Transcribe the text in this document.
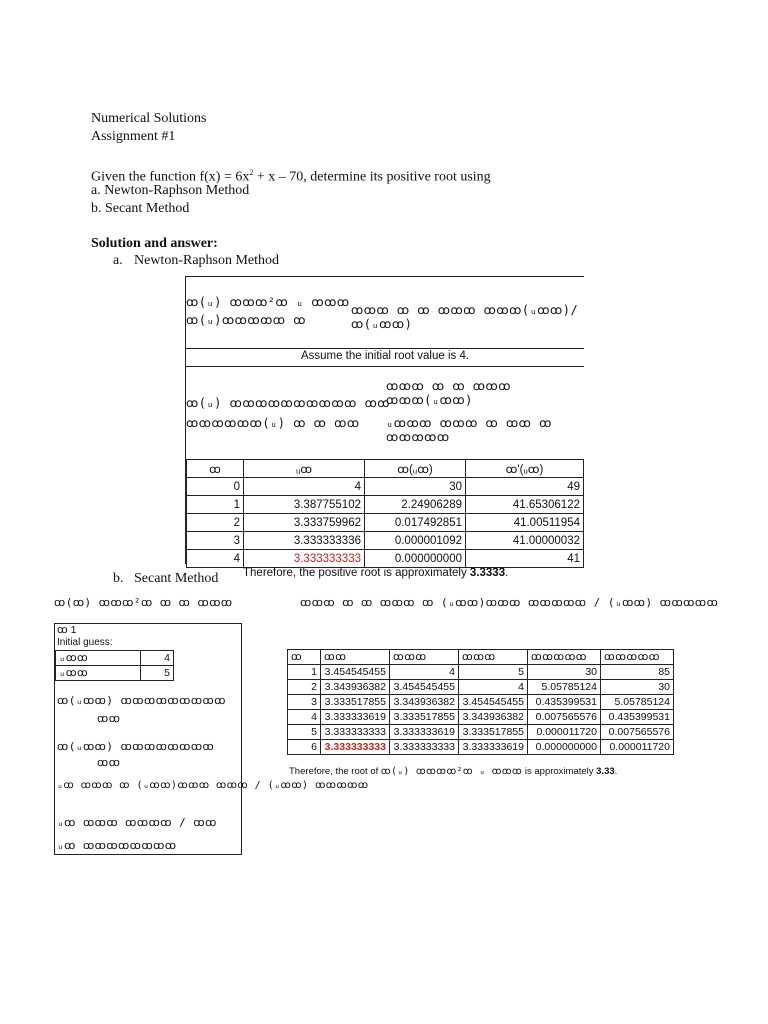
Numerical Solutions
Assignment #1
Given the function $f(x) = 6x^2 + x - 70$, determine its positive root using
a. Newton-Raphson Method
b. Secant Method
Solution and answer:
a. Newton-Raphson Method
ꝏ(ᵤ) ꝏꝏꝏ²ꝏ ᵤ ꝏꝏꝏ
ꝏ(ᵤ)ꝏꝏꝏꝏꝏ ꝏ
ꝏꝏꝏ ꝏ ꝏ ꝏꝏꝏ ꝏꝏꝏ(ᵤꝏꝏ)/ꝏ(ᵤꝏꝏ)
Assume the initial root value is 4.
ꝏ(ᵤ) ꝏꝏꝏꝏꝏꝏꝏꝏꝏꝏ ꝏꝏ
ꝏꝏꝏꝏꝏꝏ(ᵤ) ꝏ ꝏ ꝏꝏ
ꝏꝏꝏ ꝏ ꝏ ꝏꝏꝏ ꝏꝏꝏ(ᵤꝏꝏ)
ᵤꝏꝏꝏ ꝏꝏꝏ ꝏ ꝏꝏ ꝏ ꝏꝏꝏꝏꝏ
ꝏ	ᵤꝏ	ꝏ(ᵤꝏ)	ꝏ'(ᵤꝏ)
0	4	30	49
1	3.387755102	2.24906289	41.65306122
2	3.333759962	0.017492851	41.00511954
3	3.333333336	0.000001092	41.00000032
4	3.333333333	0.000000000	41
Therefore, the positive root is approximately 3.3333.
b. Secant Method
ꝏ(ꝏ) ꝏꝏꝏ²ꝏ ꝏ ꝏ ꝏꝏꝏ	ꝏꝏꝏ ꝏ ꝏ ꝏꝏꝏ ꝏ (ᵤꝏꝏ)ꝏꝏꝏ ꝏꝏꝏꝏꝏ / (ᵤꝏꝏ) ꝏꝏꝏꝏꝏ
ꝏ 1
Initial guess:
ᵤꝏꝏ	4
ᵤꝏꝏ	5
ꝏ(ᵤꝏꝏ) ꝏꝏꝏꝏꝏꝏꝏꝏꝏ
ꝏꝏ
ꝏ(ᵤꝏꝏ) ꝏꝏꝏꝏꝏꝏꝏꝏ
ꝏꝏ
ᵤꝏ ꝏꝏꝏ ꝏ (ᵤꝏꝏ)ꝏꝏꝏ ꝏꝏꝏ / (ᵤꝏꝏ) ꝏꝏꝏꝏꝏ
ᵤꝏ ꝏꝏꝏ ꝏꝏꝏꝏ / ꝏꝏ
ᵤꝏ ꝏꝏꝏꝏꝏꝏꝏꝏ
ꝏ	ꝏꝏ	ꝏꝏꝏ	ꝏꝏꝏ	ꝏꝏꝏꝏꝏ	ꝏꝏꝏꝏꝏ
1	3.454545455	4	5	30	85
2	3.343936382	3.454545455	4	5.05785124	30
3	3.333517855	3.343936382	3.454545455	0.435399531	5.05785124
4	3.333333619	3.333517855	3.343936382	0.007565576	0.435399531
5	3.333333333	3.333333619	3.333517855	0.000011720	0.007565576
6	3.333333333	3.333333333	3.333333619	0.000000000	0.000011720
Therefore, the root of ꝏ(ᵤ) ꝏꝏꝏꝏ²ꝏ ᵤ ꝏꝏꝏ is approximately 3.33.
